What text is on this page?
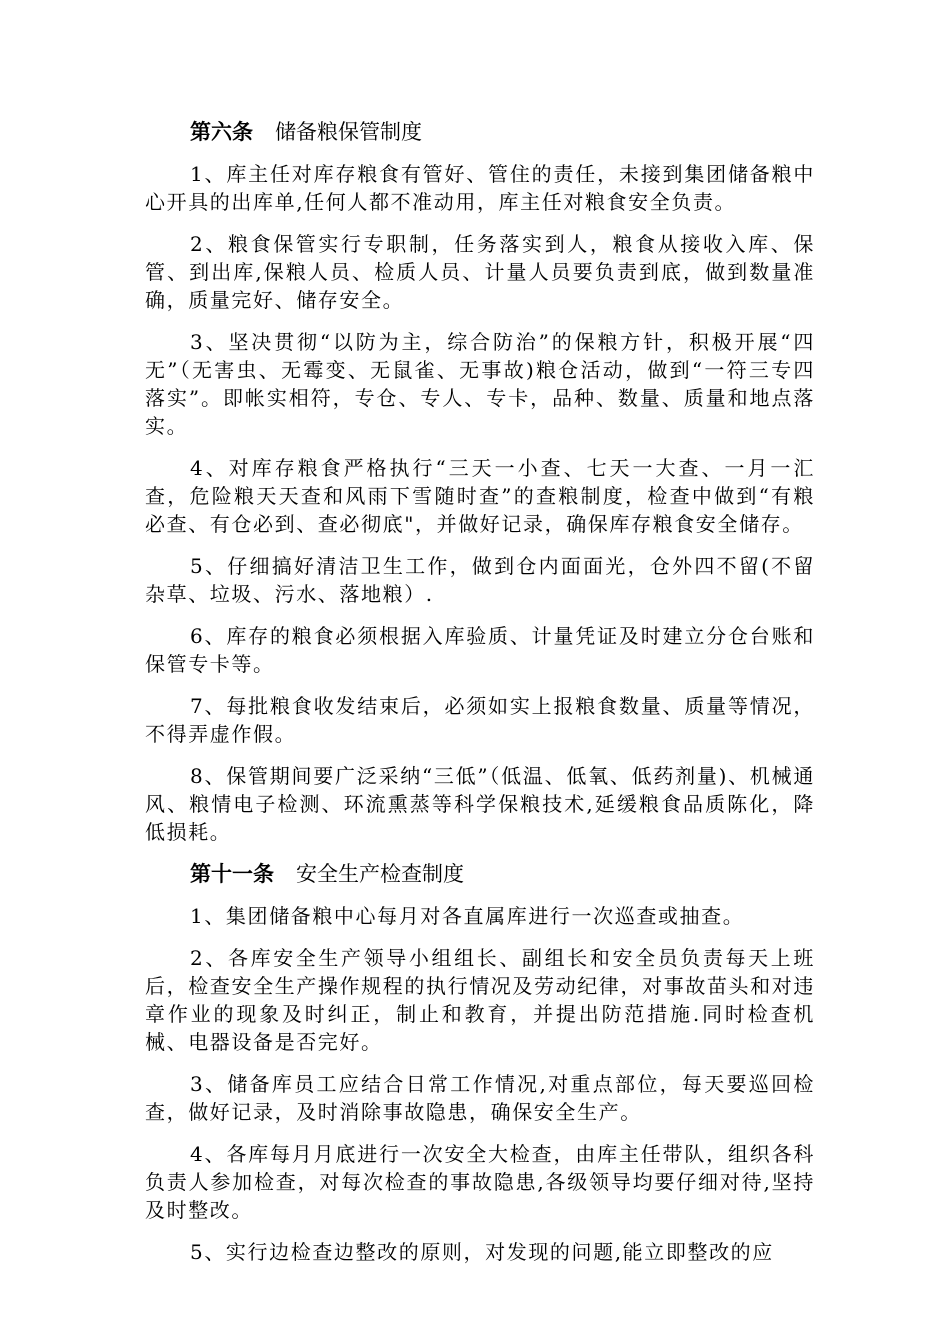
第六条 储备粮保管制度

1、库主任对库存粮食有管好、管住的责任，未接到集团储备粮中心开具的出库单,任何人都不准动用，库主任对粮食安全负责。

2、粮食保管实行专职制，任务落实到人，粮食从接收入库、保管、到出库,保粮人员、检质人员、计量人员要负责到底，做到数量准确，质量完好、储存安全。

3、坚决贯彻“以防为主，综合防治”的保粮方针，积极开展“四无”（无害虫、无霉变、无鼠雀、无事故)粮仓活动，做到“一符三专四落实”。即帐实相符，专仓、专人、专卡，品种、数量、质量和地点落实。

4、对库存粮食严格执行“三天一小查、七天一大查、一月一汇查，危险粮天天查和风雨下雪随时查”的查粮制度，检查中做到“有粮必查、有仓必到、查必彻底"，并做好记录，确保库存粮食安全储存。

5、仔细搞好清洁卫生工作，做到仓内面面光，仓外四不留(不留杂草、垃圾、污水、落地粮）.

6、库存的粮食必须根据入库验质、计量凭证及时建立分仓台账和保管专卡等。

7、每批粮食收发结束后，必须如实上报粮食数量、质量等情况，不得弄虚作假。

8、保管期间要广泛采纳“三低”（低温、低氧、低药剂量)、机械通风、粮情电子检测、环流熏蒸等科学保粮技术,延缓粮食品质陈化，降低损耗。

第十一条 安全生产检查制度

1、集团储备粮中心每月对各直属库进行一次巡查或抽查。

2、各库安全生产领导小组组长、副组长和安全员负责每天上班后，检查安全生产操作规程的执行情况及劳动纪律，对事故苗头和对违章作业的现象及时纠正，制止和教育，并提出防范措施.同时检查机械、电器设备是否完好。

3、储备库员工应结合日常工作情况,对重点部位，每天要巡回检查，做好记录，及时消除事故隐患，确保安全生产。

4、各库每月月底进行一次安全大检查，由库主任带队，组织各科负责人参加检查，对每次检查的事故隐患,各级领导均要仔细对待,坚持及时整改。

5、实行边检查边整改的原则，对发现的问题,能立即整改的应
